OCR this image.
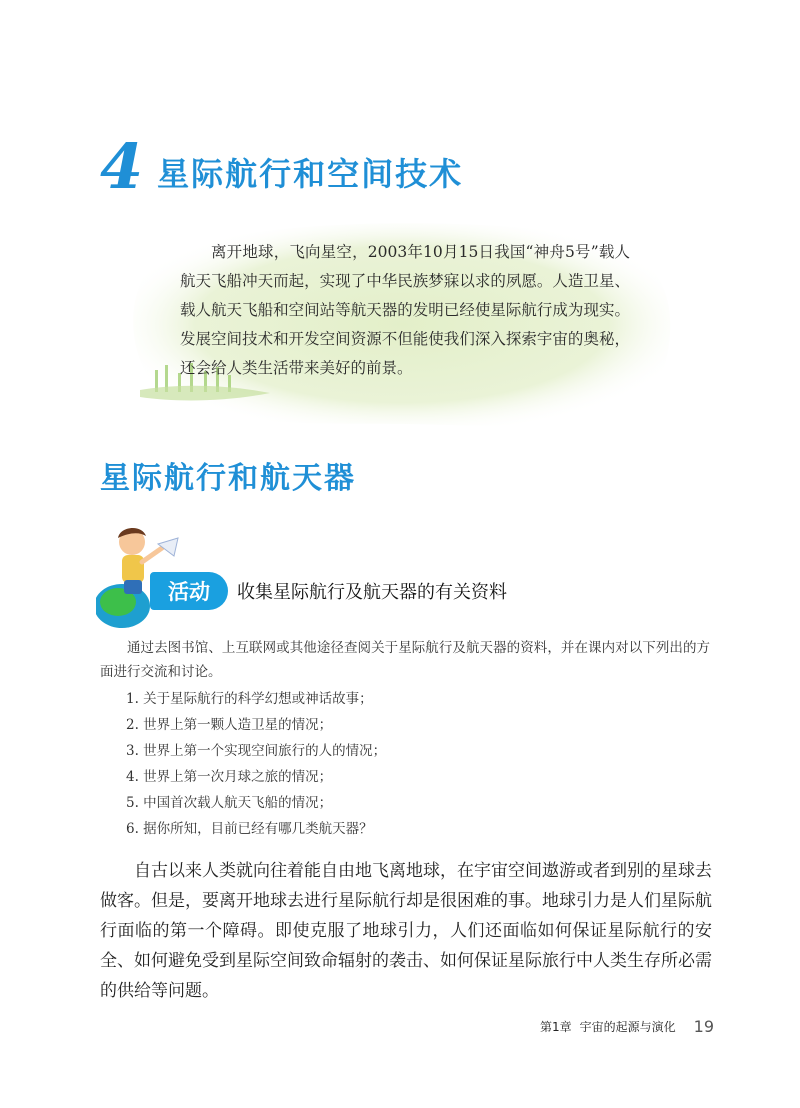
4 星际航行和空间技术
离开地球，飞向星空，2003年10月15日我国“神舟5号”载人航天飞船冲天而起，实现了中华民族梦寐以求的夙愿。人造卫星、载人航天飞船和空间站等航天器的发明已经使星际航行成为现实。发展空间技术和开发空间资源不但能使我们深入探索宇宙的奥秘，还会给人类生活带来美好的前景。
星际航行和航天器
活动	收集星际航行及航天器的有关资料
通过去图书馆、上互联网或其他途径查阅关于星际航行及航天器的资料，并在课内对以下列出的方面进行交流和讨论。
1. 关于星际航行的科学幻想或神话故事；
2. 世界上第一颗人造卫星的情况；
3. 世界上第一个实现空间旅行的人的情况；
4. 世界上第一次月球之旅的情况；
5. 中国首次载人航天飞船的情况；
6. 据你所知，目前已经有哪几类航天器？
自古以来人类就向往着能自由地飞离地球，在宇宙空间遨游或者到别的星球去做客。但是，要离开地球去进行星际航行却是很困难的事。地球引力是人们星际航行面临的第一个障碍。即使克服了地球引力，人们还面临如何保证星际航行的安全、如何避免受到星际空间致命辐射的袭击、如何保证星际旅行中人类生存所必需的供给等问题。
第1章 宇宙的起源与演化 19
